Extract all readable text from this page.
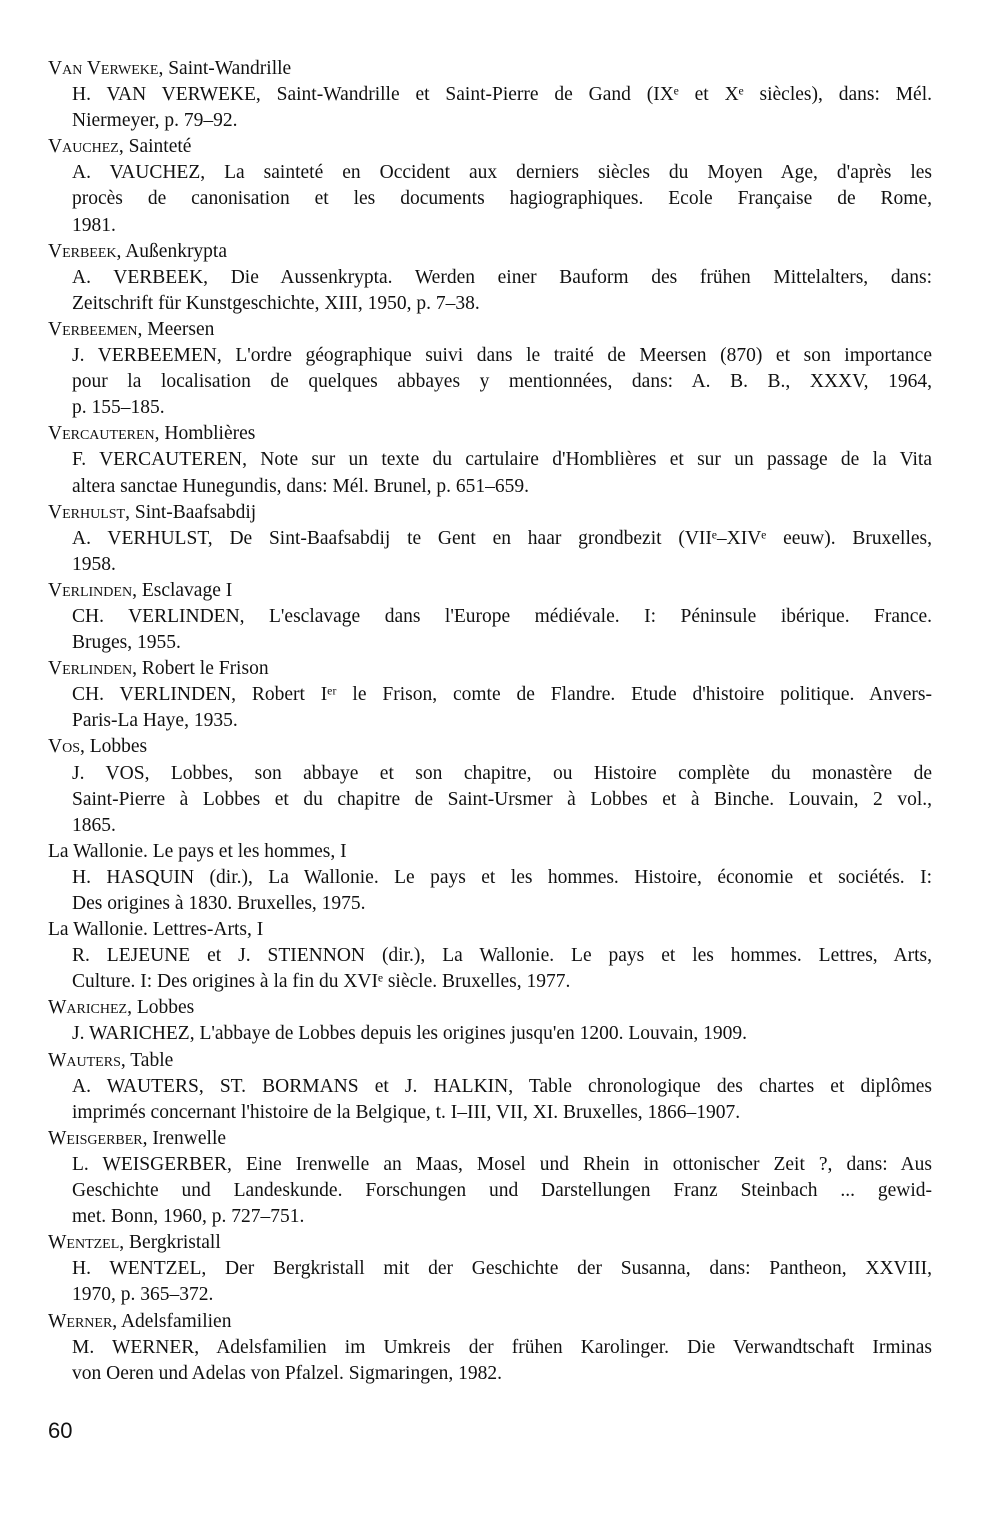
Van Verweke, Saint-Wandrille
H. VAN VERWEKE, Saint-Wandrille et Saint-Pierre de Gand (IXᵉ et Xᵉ siècles), dans: Mél.
Niermeyer, p. 79–92.
Vauchez, Sainteté
A. VAUCHEZ, La sainteté en Occident aux derniers siècles du Moyen Age, d'après les
procès de canonisation et les documents hagiographiques. Ecole Française de Rome,
1981.
Verbeek, Außenkrypta
A. VERBEEK, Die Aussenkrypta. Werden einer Bauform des frühen Mittelalters, dans:
Zeitschrift für Kunstgeschichte, XIII, 1950, p. 7–38.
Verbeemen, Meersen
J. VERBEEMEN, L'ordre géographique suivi dans le traité de Meersen (870) et son importance
pour la localisation de quelques abbayes y mentionnées, dans: A. B. B., XXXV, 1964,
p. 155–185.
Vercauteren, Homblières
F. VERCAUTEREN, Note sur un texte du cartulaire d'Homblières et sur un passage de la Vita
altera sanctae Hunegundis, dans: Mél. Brunel, p. 651–659.
Verhulst, Sint-Baafsabdij
A. VERHULST, De Sint-Baafsabdij te Gent en haar grondbezit (VIIᵉ–XIVᵉ eeuw). Bruxelles,
1958.
Verlinden, Esclavage I
CH. VERLINDEN, L'esclavage dans l'Europe médiévale. I: Péninsule ibérique. France.
Bruges, 1955.
Verlinden, Robert le Frison
CH. VERLINDEN, Robert Iᵉʳ le Frison, comte de Flandre. Etude d'histoire politique. Anvers-
Paris-La Haye, 1935.
Vos, Lobbes
J. VOS, Lobbes, son abbaye et son chapitre, ou Histoire complète du monastère de
Saint-Pierre à Lobbes et du chapitre de Saint-Ursmer à Lobbes et à Binche. Louvain, 2 vol.,
1865.
La Wallonie. Le pays et les hommes, I
H. HASQUIN (dir.), La Wallonie. Le pays et les hommes. Histoire, économie et sociétés. I:
Des origines à 1830. Bruxelles, 1975.
La Wallonie. Lettres-Arts, I
R. LEJEUNE et J. STIENNON (dir.), La Wallonie. Le pays et les hommes. Lettres, Arts,
Culture. I: Des origines à la fin du XVIᵉ siècle. Bruxelles, 1977.
Warichez, Lobbes
J. WARICHEZ, L'abbaye de Lobbes depuis les origines jusqu'en 1200. Louvain, 1909.
Wauters, Table
A. WAUTERS, ST. BORMANS et J. HALKIN, Table chronologique des chartes et diplômes
imprimés concernant l'histoire de la Belgique, t. I–III, VII, XI. Bruxelles, 1866–1907.
Weisgerber, Irenwelle
L. WEISGERBER, Eine Irenwelle an Maas, Mosel und Rhein in ottonischer Zeit ?, dans: Aus
Geschichte und Landeskunde. Forschungen und Darstellungen Franz Steinbach ... gewid-
met. Bonn, 1960, p. 727–751.
Wentzel, Bergkristall
H. WENTZEL, Der Bergkristall mit der Geschichte der Susanna, dans: Pantheon, XXVIII,
1970, p. 365–372.
Werner, Adelsfamilien
M. WERNER, Adelsfamilien im Umkreis der frühen Karolinger. Die Verwandtschaft Irminas
von Oeren und Adelas von Pfalzel. Sigmaringen, 1982.
60
